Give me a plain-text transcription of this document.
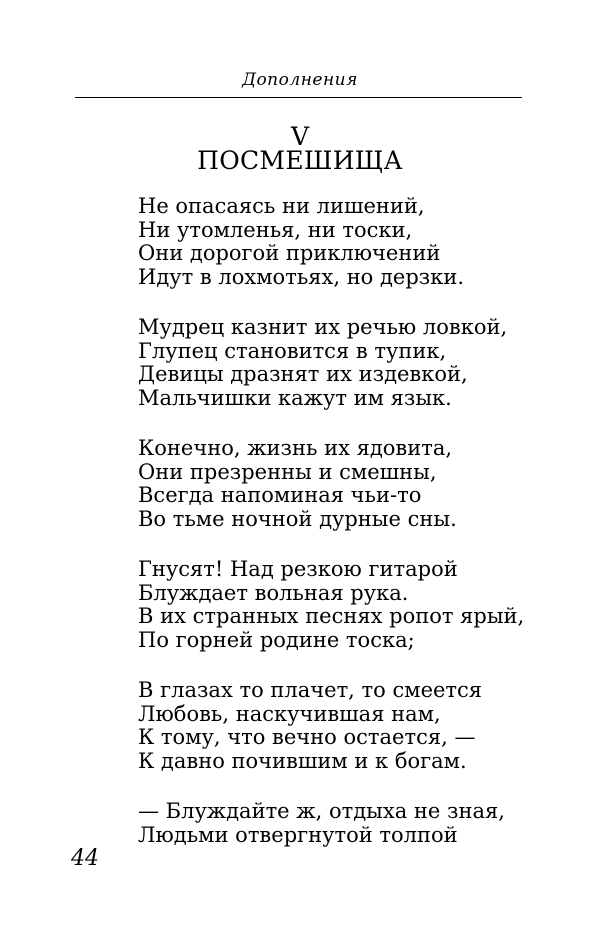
Дополнения
V
ПОСМЕШИЩА
Не опасаясь ни лишений,
Ни утомленья, ни тоски,
Они дорогой приключений
Идут в лохмотьях, но дерзки.
Мудрец казнит их речью ловкой,
Глупец становится в тупик,
Девицы дразнят их издевкой,
Мальчишки кажут им язык.
Конечно, жизнь их ядовита,
Они презренны и смешны,
Всегда напоминая чьи-то
Во тьме ночной дурные сны.
Гнусят! Над резкою гитарой
Блуждает вольная рука.
В их странных песнях ропот ярый,
По горней родине тоска;
В глазах то плачет, то смеется
Любовь, наскучившая нам,
К тому, что вечно остается, —
К давно почившим и к богам.
— Блуждайте ж, отдыха не зная,
Людьми отвергнутой толпой
44
